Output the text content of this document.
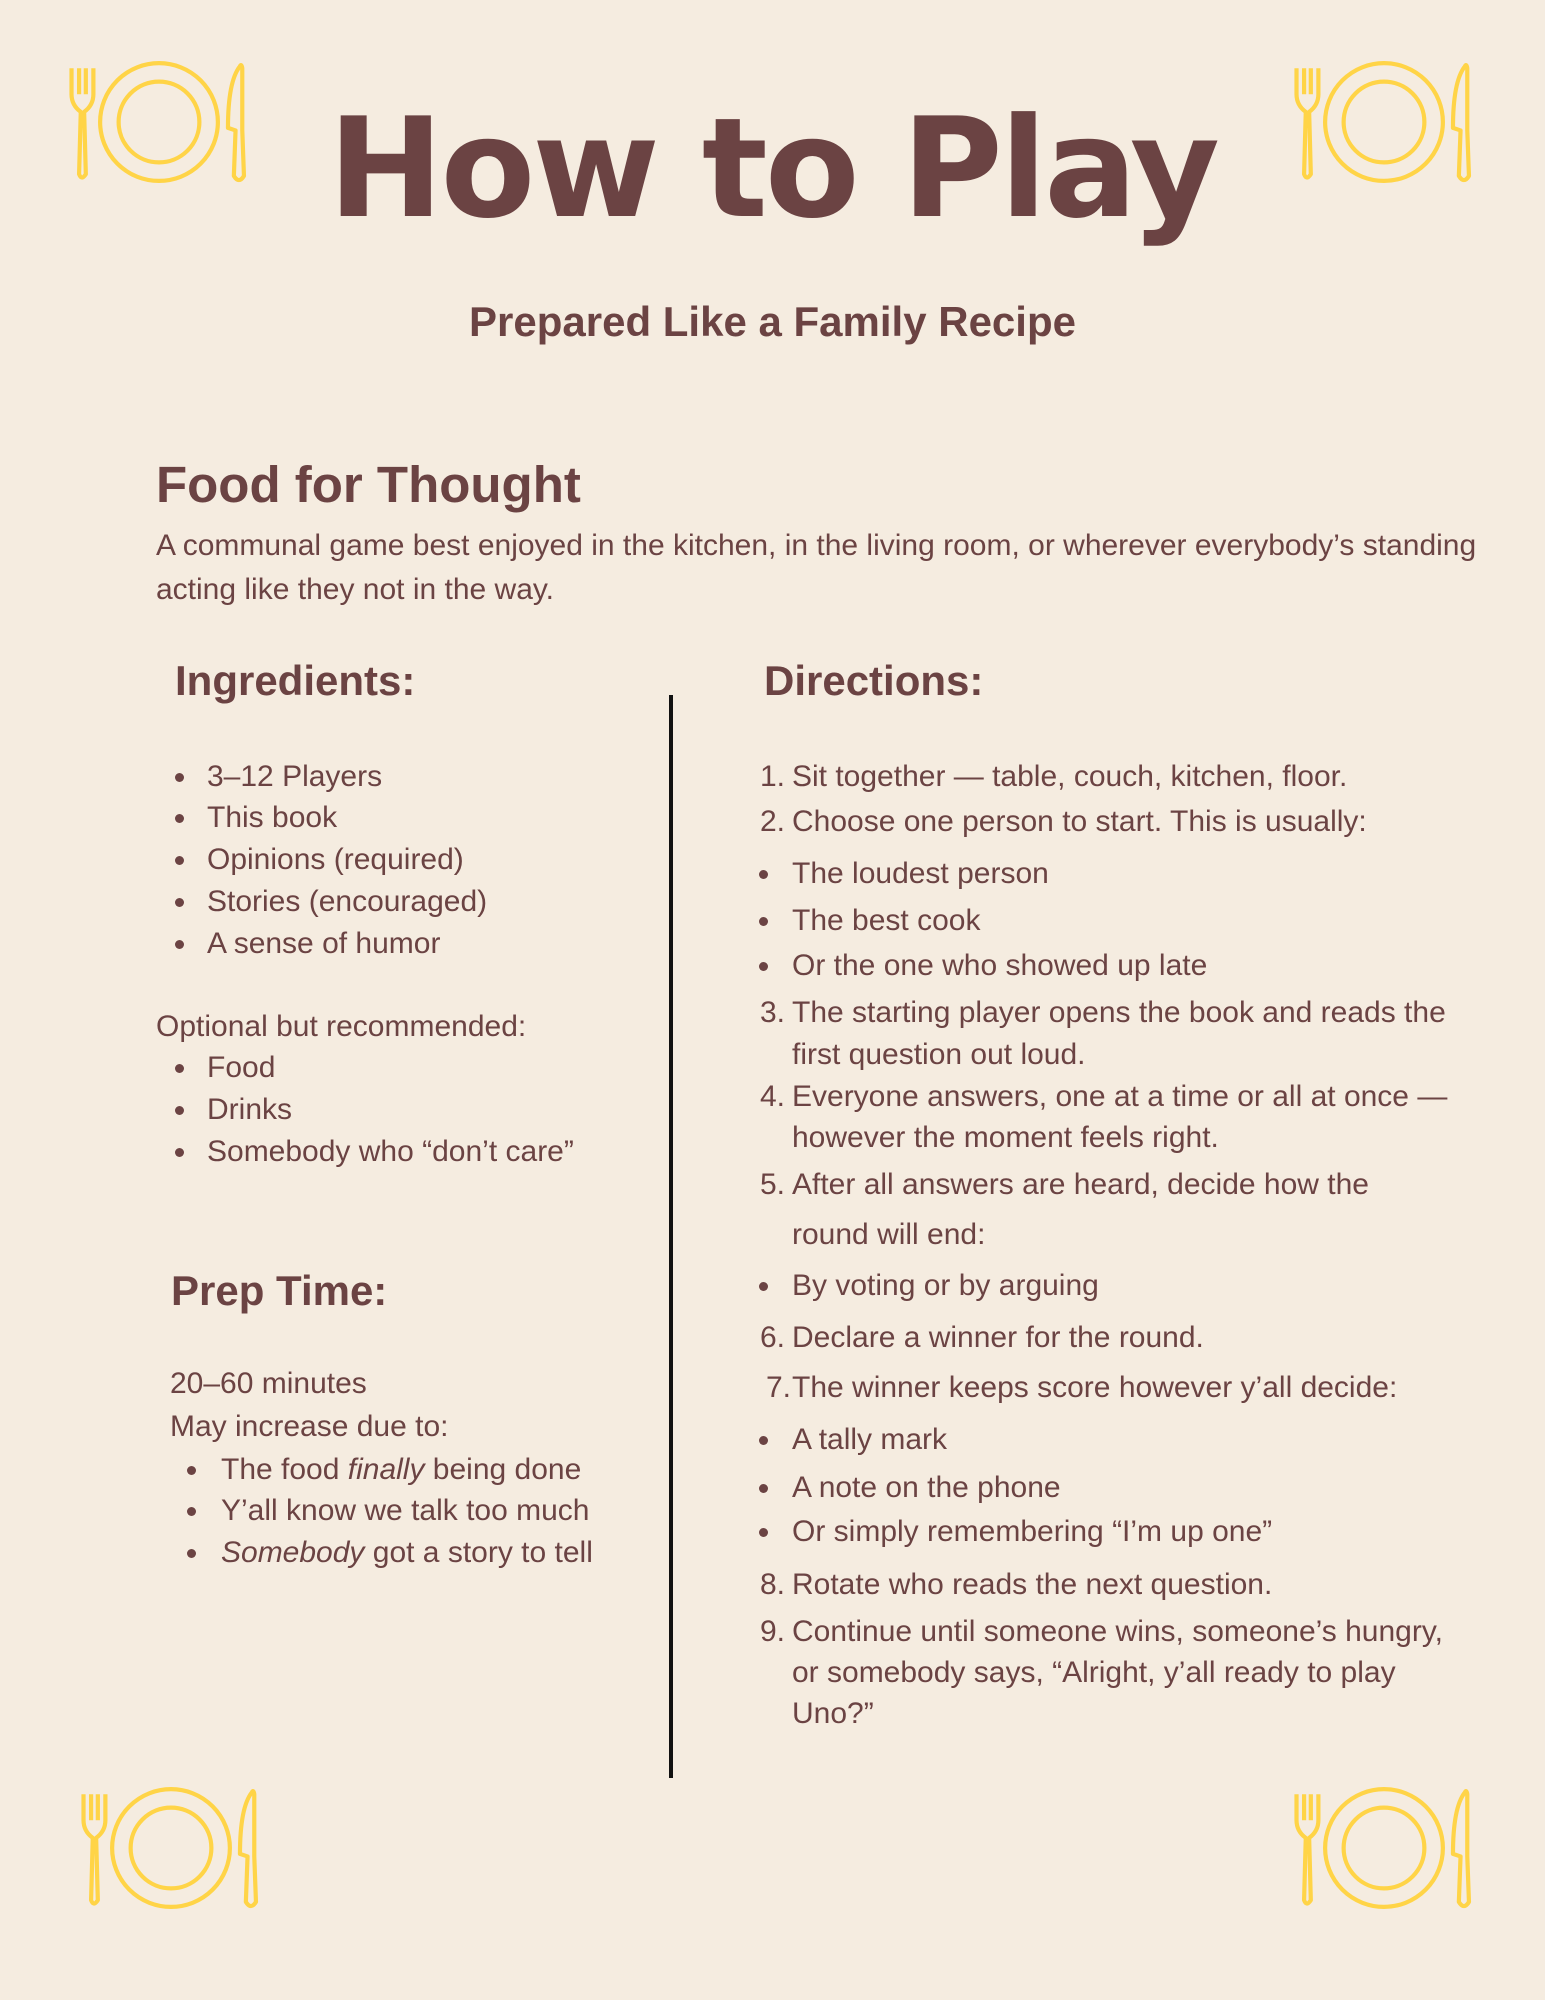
How to Play
Prepared Like a Family Recipe
Food for Thought
A communal game best enjoyed in the kitchen, in the living room, or wherever everybody’s standing acting like they not in the way.
Ingredients:
3–12 Players
This book
Opinions (required)
Stories (encouraged)
A sense of humor
Food
Drinks
Somebody who “don’t care”
Optional but recommended:
Prep Time:
20–60 minutes
May increase due to:
The food finally being done
Y’all know we talk too much
Somebody got a story to tell
Directions:
1. Sit together — table, couch, kitchen, floor.
2. Choose one person to start. This is usually:
The loudest person
The best cook
Or the one who showed up late
3. The starting player opens the book and reads the
first question out loud.
4. Everyone answers, one at a time or all at once —
however the moment feels right.
5. After all answers are heard, decide how the
round will end:
By voting or by arguing
6. Declare a winner for the round.
7. The winner keeps score however y’all decide:
A tally mark
A note on the phone
Or simply remembering “I’m up one”
8. Rotate who reads the next question.
9. Continue until someone wins, someone’s hungry,
or somebody says, “Alright, y’all ready to play
Uno?”
